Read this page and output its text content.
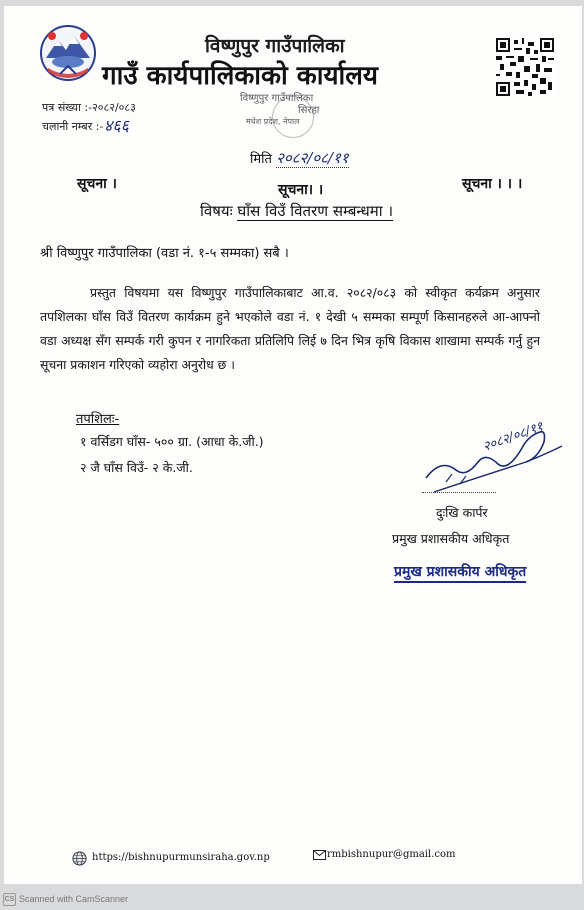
विष्णुपुर गाउँपालिका
गाउँ कार्यपालिकाको कार्यालय
पत्र संख्या :-२०८२/०८३
चलानी नम्बर :- ४६६
विष्णुपुर गाउँपालिका
सिरहा
मधेश प्रदेश, नेपाल
मिति २०८२/०८/११
सूचना ।	सूचना। ।	सूचना । । ।
विषयः घाँस विउँ वितरण सम्बन्धमा ।
श्री विष्णुपुर गाउँपालिका (वडा नं. १-५ सम्मका) सबै ।

प्रस्तुत विषयमा यस विष्णुपुर गाउँपालिकाबाट आ.व. २०८२/०८३ को स्वीकृत कर्यक्रम अनुसार तपशिलका घाँस विउँ वितरण कार्यक्रम हुने भएकोले वडा नं. १ देखी ५ सम्मका सम्पूर्ण किसानहरुले आ-आफ्नो वडा अध्यक्ष सँग सम्पर्क गरी कुपन र नागरिकता प्रतिलिपि लिई ७ दिन भित्र कृषि विकास शाखामा सम्पर्क गर्नु हुन सूचना प्रकाशन गरिएको व्यहोरा अनुरोध छ ।

तपशिलः-
१ वर्सिडग घाँस- ५०० ग्रा. (आधा के.जी.)
२ जै घाँस विउँ- २ के.जी.
२०८२/०८/११
दुःखि कार्पर
प्रमुख प्रशासकीय अधिकृत
प्रमुख प्रशासकीय अधिकृत
https://bishnupurmunsiraha.gov.np	rmbishnupur@gmail.com
CS Scanned with CamScanner
